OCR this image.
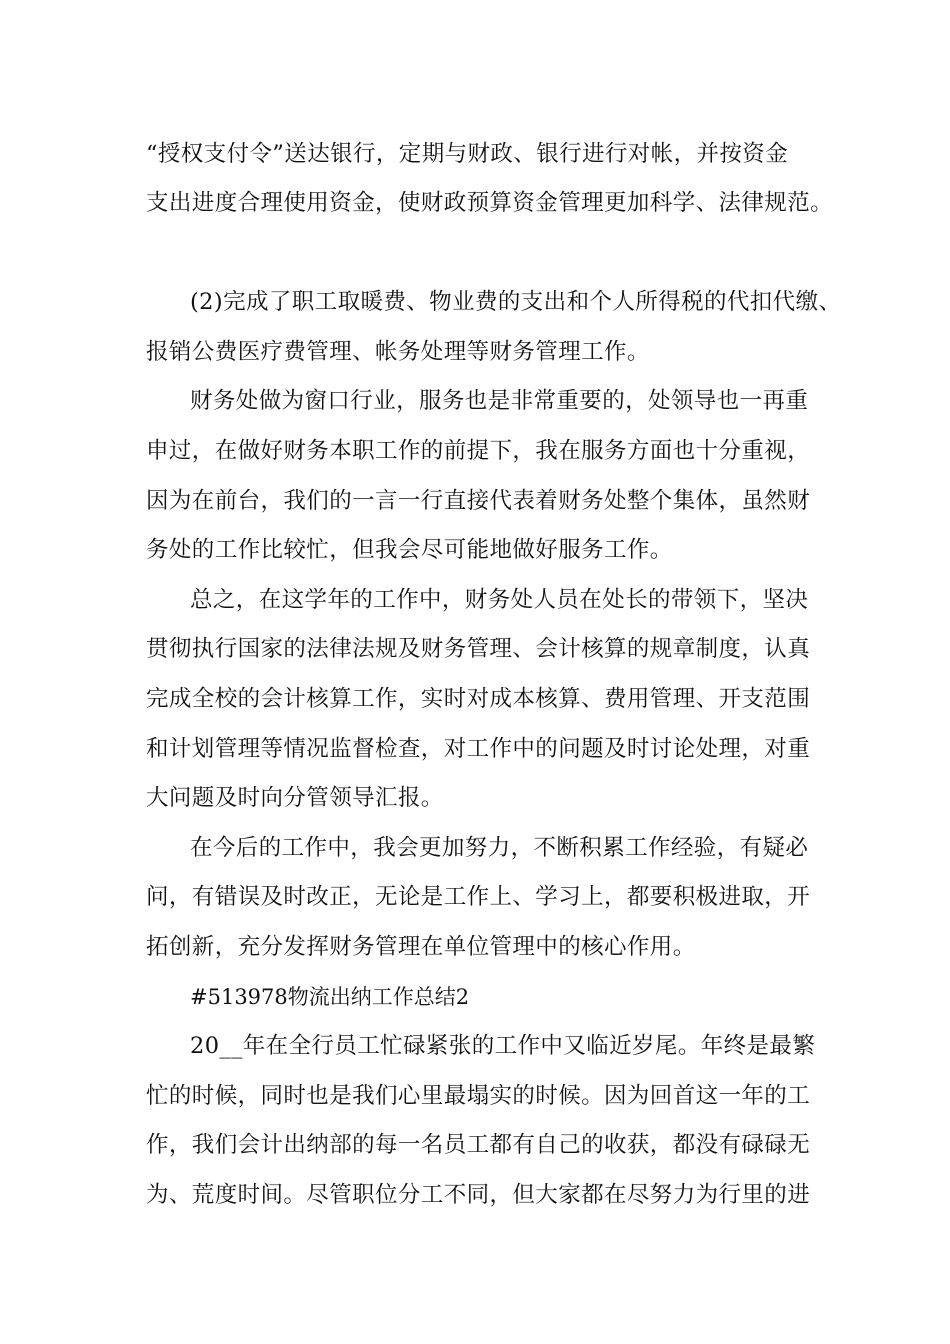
“授权支付令”送达银行，定期与财政、银行进行对帐，并按资金
支出进度合理使用资金，使财政预算资金管理更加科学、法律规范。
(2)完成了职工取暖费、物业费的支出和个人所得税的代扣代缴、
报销公费医疗费管理、帐务处理等财务管理工作。
财务处做为窗口行业，服务也是非常重要的，处领导也一再重
申过，在做好财务本职工作的前提下，我在服务方面也十分重视，
因为在前台，我们的一言一行直接代表着财务处整个集体，虽然财
务处的工作比较忙，但我会尽可能地做好服务工作。
总之，在这学年的工作中，财务处人员在处长的带领下，坚决
贯彻执行国家的法律法规及财务管理、会计核算的规章制度，认真
完成全校的会计核算工作，实时对成本核算、费用管理、开支范围
和计划管理等情况监督检查，对工作中的问题及时讨论处理，对重
大问题及时向分管领导汇报。
在今后的工作中，我会更加努力，不断积累工作经验，有疑必
问，有错误及时改正，无论是工作上、学习上，都要积极进取，开
拓创新，充分发挥财务管理在单位管理中的核心作用。
#513978物流出纳工作总结2
20__年在全行员工忙碌紧张的工作中又临近岁尾。年终是最繁
忙的时候，同时也是我们心里最塌实的时候。因为回首这一年的工
作，我们会计出纳部的每一名员工都有自己的收获，都没有碌碌无
为、荒度时间。尽管职位分工不同，但大家都在尽努力为行里的进
